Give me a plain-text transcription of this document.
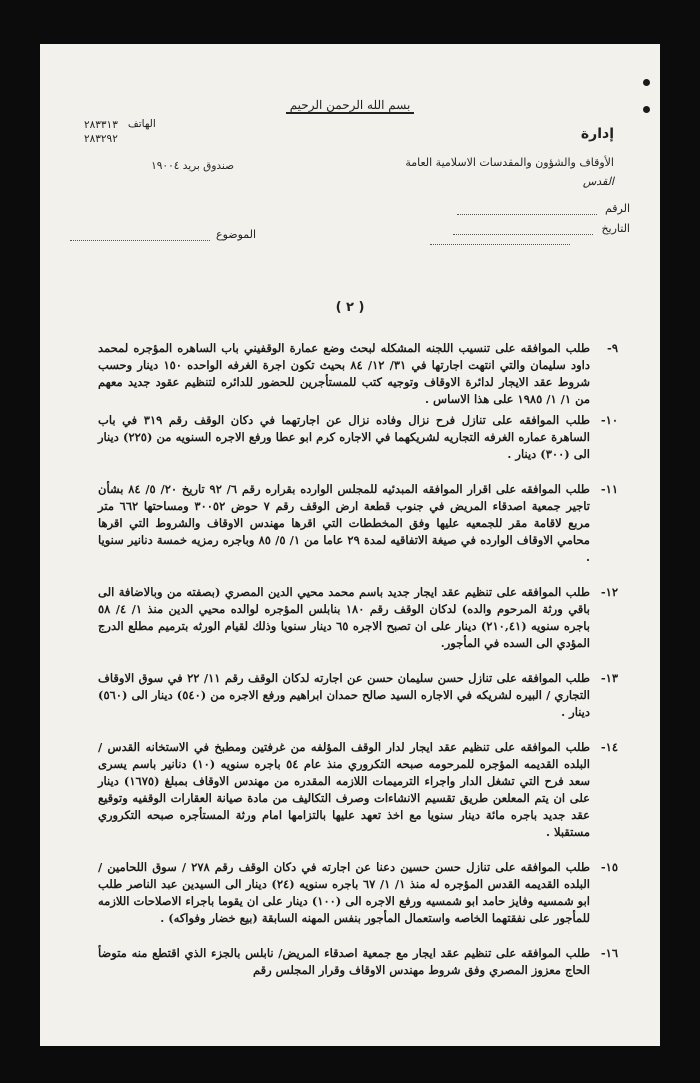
بسم الله الرحمن الرحيم
إدارة
الأوقاف والشؤون والمقدسات الاسلامية العامة
القدس
الهاتف
٢٨٣٣١٣
٢٨٣٢٩٢
صندوق بريد ١٩٠٠٤
الرقم
التاريخ
الموضوع
( ٢ )
٩-
طلب الموافقه على تنسيب اللجنه المشكله لبحث وضع عمارة الوقفيني باب الساهره المؤجره لمحمد داود سليمان والتي انتهت اجارتها في ٣١/ ١٢/ ٨٤ بحيث تكون اجرة الغرفه الواحده ١٥٠ دينار وحسب شروط عقد الايجار لدائرة الاوقاف وتوجيه كتب للمستأجرين للحضور للدائره لتنظيم عقود جديد معهم من ١/ ١/ ١٩٨٥ على هذا الاساس .
١٠-
طلب الموافقه على تنازل فرح نزال وفاده نزال عن اجارتهما في دكان الوقف رقم ٣١٩ في باب الساهرة عماره الغرفه التجاريه لشريكهما في الاجاره كرم ابو عطا ورفع الاجره السنويه من (٢٢٥) دينار الى (٣٠٠) دينار .
١١-
طلب الموافقه على اقرار الموافقه المبدئيه للمجلس الوارده بقراره رقم ٦/ ٩٢ تاريخ ٢٠/ ٥/ ٨٤ بشأن تاجير جمعية اصدقاء المريض في جنوب قطعة ارض الوقف رقم ٧ حوض ٣٠٠٥٢ ومساحتها ٦٦٢ متر مربع لاقامة مقر للجمعيه عليها وفق المخططات التي اقرها مهندس الاوقاف والشروط التي اقرها محامي الاوقاف الوارده في صيغة الاتفاقيه لمدة ٢٩ عاما من ١/ ٥/ ٨٥ وباجره رمزيه خمسة دنانير سنويا .
١٢-
طلب الموافقه على تنظيم عقد ايجار جديد باسم محمد محيي الدين المصري (بصفته من وبالاضافة الى باقي ورثة المرحوم والده) لدكان الوقف رقم ١٨٠ بنابلس المؤجره لوالده محيي الدين منذ ١/ ٤/ ٥٨ باجره سنويه (٢١٠,٤١) دينار على ان تصبح الاجره ٦٥ دينار سنويا وذلك لقيام الورثه بترميم مطلع الدرج المؤدي الى السده في المأجور.
١٣-
طلب الموافقه على تنازل حسن سليمان حسن عن اجارته لدكان الوقف رقم ١١/ ٢٢ في سوق الاوقاف التجاري / البيره لشريكه في الاجاره السيد صالح حمدان ابراهيم ورفع الاجره من (٥٤٠) دينار الى (٥٦٠) دينار .
١٤-
طلب الموافقه على تنظيم عقد ايجار لدار الوقف المؤلفه من غرفتين ومطبخ في الاستخانه القدس / البلده القديمه المؤجره للمرحومه صبحه التكروري منذ عام ٥٤ باجره سنويه (١٠) دنانير باسم يسرى سعد فرح التي تشغل الدار واجراء الترميمات اللازمه المقدره من مهندس الاوقاف بمبلغ (١٦٧٥) دينار على ان يتم المعلعن طريق تقسيم الانشاءات وصرف التكاليف من مادة صيانة العقارات الوقفيه وتوقيع عقد جديد باجره مائة دينار سنويا مع اخذ تعهد عليها بالتزامها امام ورثة المستأجره صبحه التكروري مستقبلا .
١٥-
طلب الموافقه على تنازل حسن حسين دعنا عن اجارته في دكان الوقف رقم ٢٧٨ / سوق اللحامين / البلده القديمه القدس المؤجره له منذ ١/ ١/ ٦٧ باجره سنويه (٢٤) دينار الى السيدين عبد الناصر طلب ابو شمسيه وفايز حامد ابو شمسيه ورفع الاجره الى (١٠٠) دينار على ان يقوما باجراء الاصلاحات اللازمه للمأجور على نفقتهما الخاصه واستعمال المأجور بنفس المهنه السابقة (بيع خضار وفواكه) .
١٦-
طلب الموافقه على تنظيم عقد ايجار مع جمعية اصدقاء المريض/ نابلس بالجزء الذي اقتطع منه متوضأ الحاج معزوز المصري وفق شروط مهندس الاوقاف وقرار المجلس رقم
